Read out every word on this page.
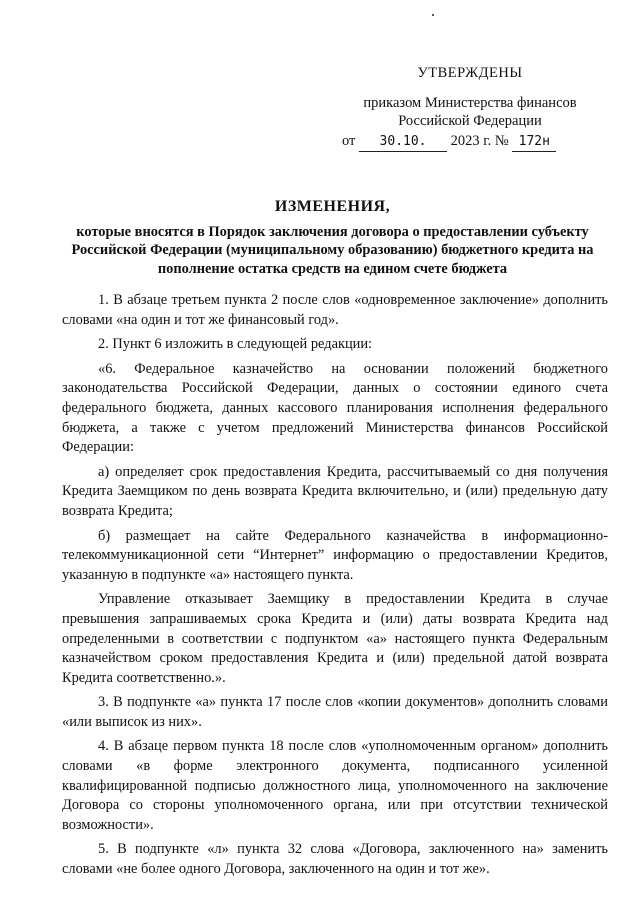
УТВЕРЖДЕНЫ
приказом Министерства финансов
Российской Федерации
от 30.10. 2023 г. № 172н
ИЗМЕНЕНИЯ,
которые вносятся в Порядок заключения договора о предоставлении субъекту Российской Федерации (муниципальному образованию) бюджетного кредита на пополнение остатка средств на едином счете бюджета

1. В абзаце третьем пункта 2 после слов «одновременное заключение» дополнить словами «на один и тот же финансовый год».

2. Пункт 6 изложить в следующей редакции:

«6. Федеральное казначейство на основании положений бюджетного законодательства Российской Федерации, данных о состоянии единого счета федерального бюджета, данных кассового планирования исполнения федерального бюджета, а также с учетом предложений Министерства финансов Российской Федерации:

а) определяет срок предоставления Кредита, рассчитываемый со дня получения Кредита Заемщиком по день возврата Кредита включительно, и (или) предельную дату возврата Кредита;

б) размещает на сайте Федерального казначейства в информационно-телекоммуникационной сети “Интернет” информацию о предоставлении Кредитов, указанную в подпункте «а» настоящего пункта.

Управление отказывает Заемщику в предоставлении Кредита в случае превышения запрашиваемых срока Кредита и (или) даты возврата Кредита над определенными в соответствии с подпунктом «а» настоящего пункта Федеральным казначейством сроком предоставления Кредита и (или) предельной датой возврата Кредита соответственно.».

3. В подпункте «а» пункта 17 после слов «копии документов» дополнить словами «или выписок из них».

4. В абзаце первом пункта 18 после слов «уполномоченным органом» дополнить словами «в форме электронного документа, подписанного усиленной квалифицированной подписью должностного лица, уполномоченного на заключение Договора со стороны уполномоченного органа, или при отсутствии технической возможности».

5. В подпункте «л» пункта 32 слова «Договора, заключенного на» заменить словами «не более одного Договора, заключенного на один и тот же».
